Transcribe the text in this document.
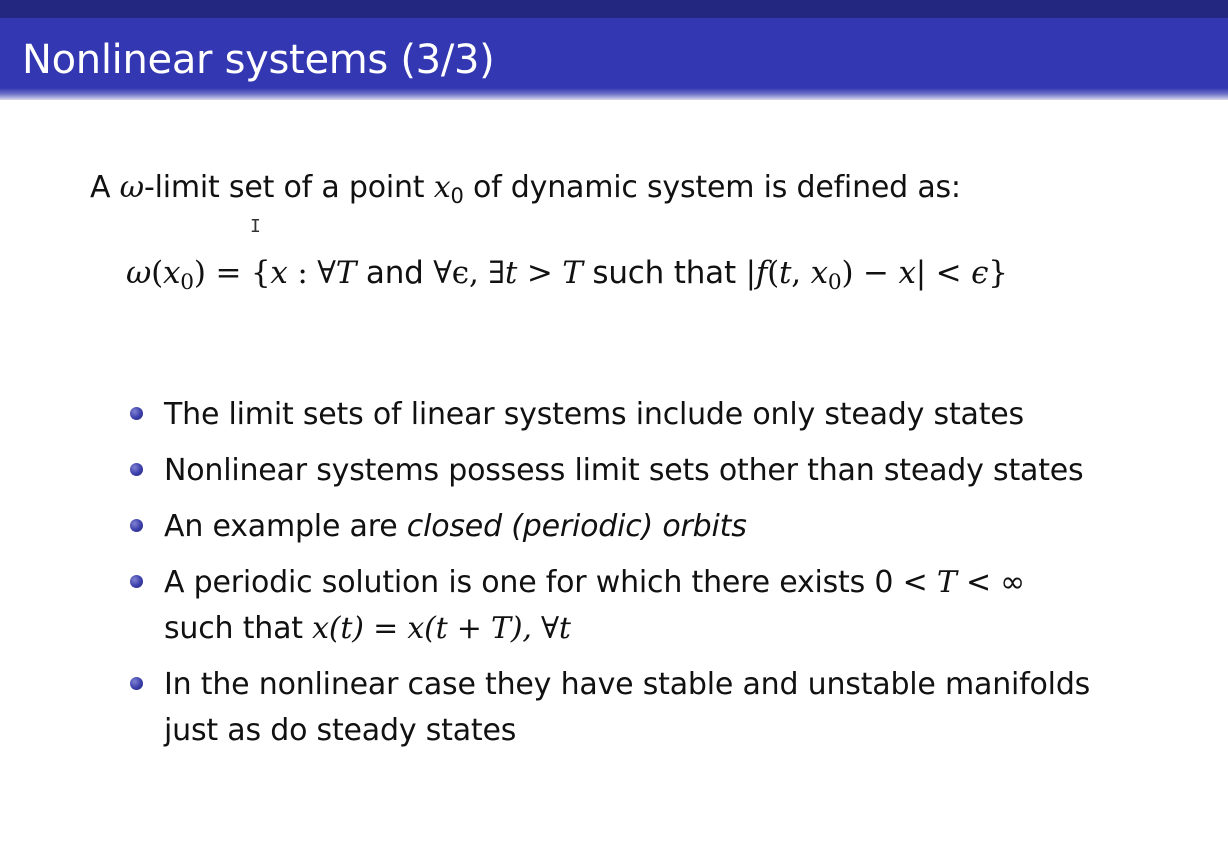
Nonlinear systems (3/3)
A ω-limit set of a point $x_0$ of dynamic system is defined as:
I
$\omega(x_0) = \{x$ : ∀T and ∀ϵ, ∃t > T such that |f(t, $x_0) - x| < \epsilon$}
The limit sets of linear systems include only steady states
Nonlinear systems possess limit sets other than steady states
An example are closed (periodic) orbits
A periodic solution is one for which there exists 0 < T < ∞
such that x(t) = x(t + T), ∀t
In the nonlinear case they have stable and unstable manifolds
just as do steady states
